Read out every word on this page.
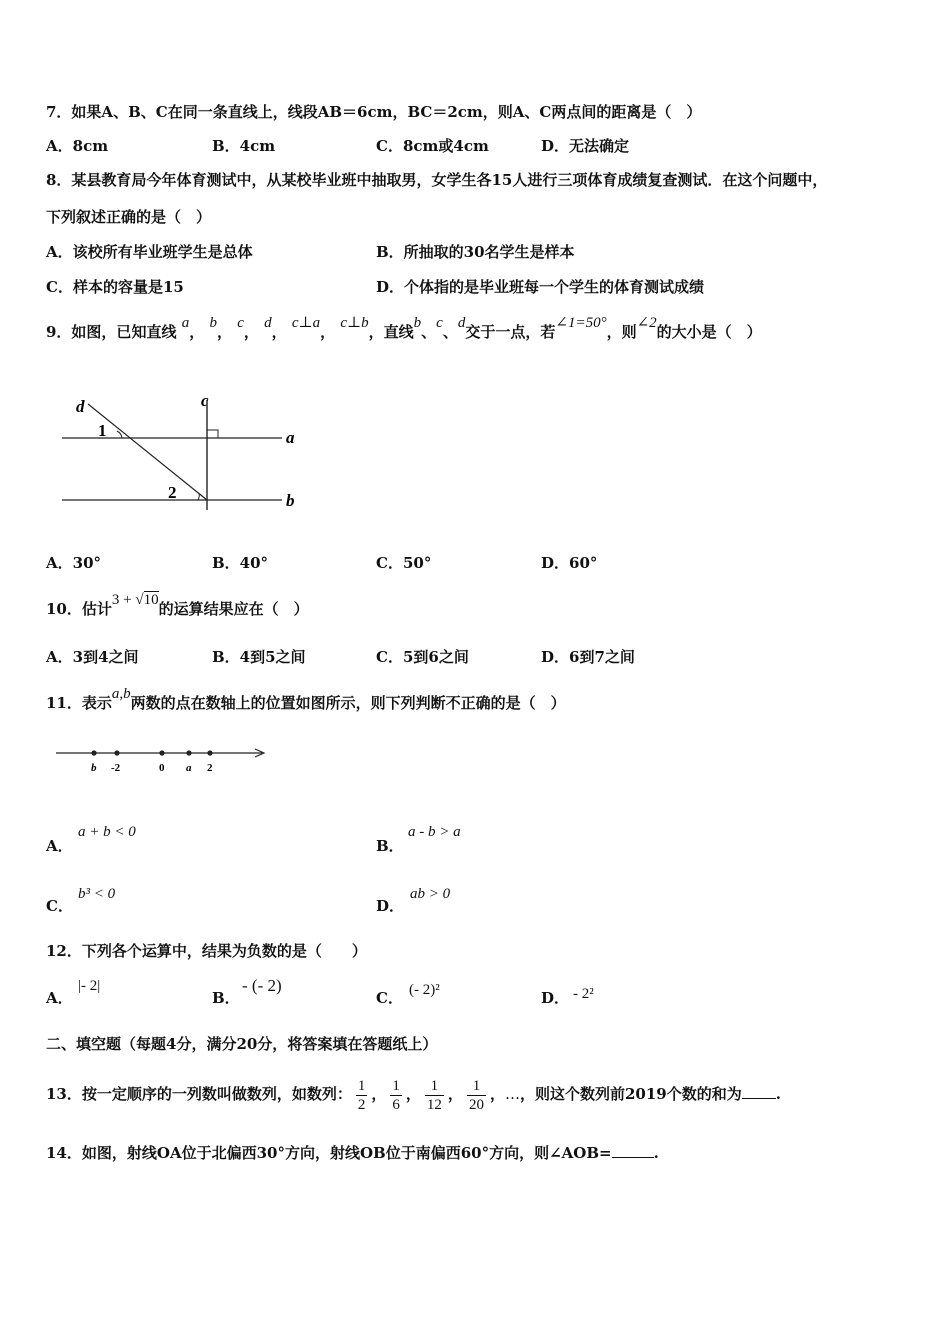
7．如果A、B、C在同一条直线上，线段AB＝6cm，BC＝2cm，则A、C两点间的距离是（　）
A．8cm	B．4cm	C．8cm或4cm	D．无法确定
8．某县教育局今年体育测试中，从某校毕业班中抽取男，女学生各15人进行三项体育成绩复查测试．在这个问题中，
下列叙述正确的是（　）
A．该校所有毕业班学生是总体	B．所抽取的30名学生是样本
C．样本的容量是15	D．个体指的是毕业班每一个学生的体育测试成绩
9．如图，已知直线 a， b， c， d， c⊥a， c⊥b，直线b、c、d交于一点，若∠1=50°，则∠2的大小是（　）
d	c
a
b
1
2
A．30°	B．40°	C．50°	D．60°
10．估计3 + √10的运算结果应在（　）
A．3到4之间	B．4到5之间	C．5到6之间	D．6到7之间
11．表示a,b两数的点在数轴上的位置如图所示，则下列判断不正确的是（　）
b -2	0 a 2
A．
a + b < 0
B．
a - b > a
C．
b³ < 0
D．
ab > 0
12．下列各个运算中，结果为负数的是（　　）
A．
|- 2|
B．
- (- 2)
C． (- 2)²	D． - 2²
二、填空题（每题4分，满分20分，将答案填在答题纸上）
13．按一定顺序的一列数叫做数列，如数列： $\frac{1}{2}$ ， $\frac{1}{6}$ ， $\frac{1}{12}$ ， $\frac{1}{20}$ ，…，则这个数列前2019个数的和为 .
14．如图，射线OA位于北偏西30°方向，射线OB位于南偏西60°方向，则∠AOB=	.
